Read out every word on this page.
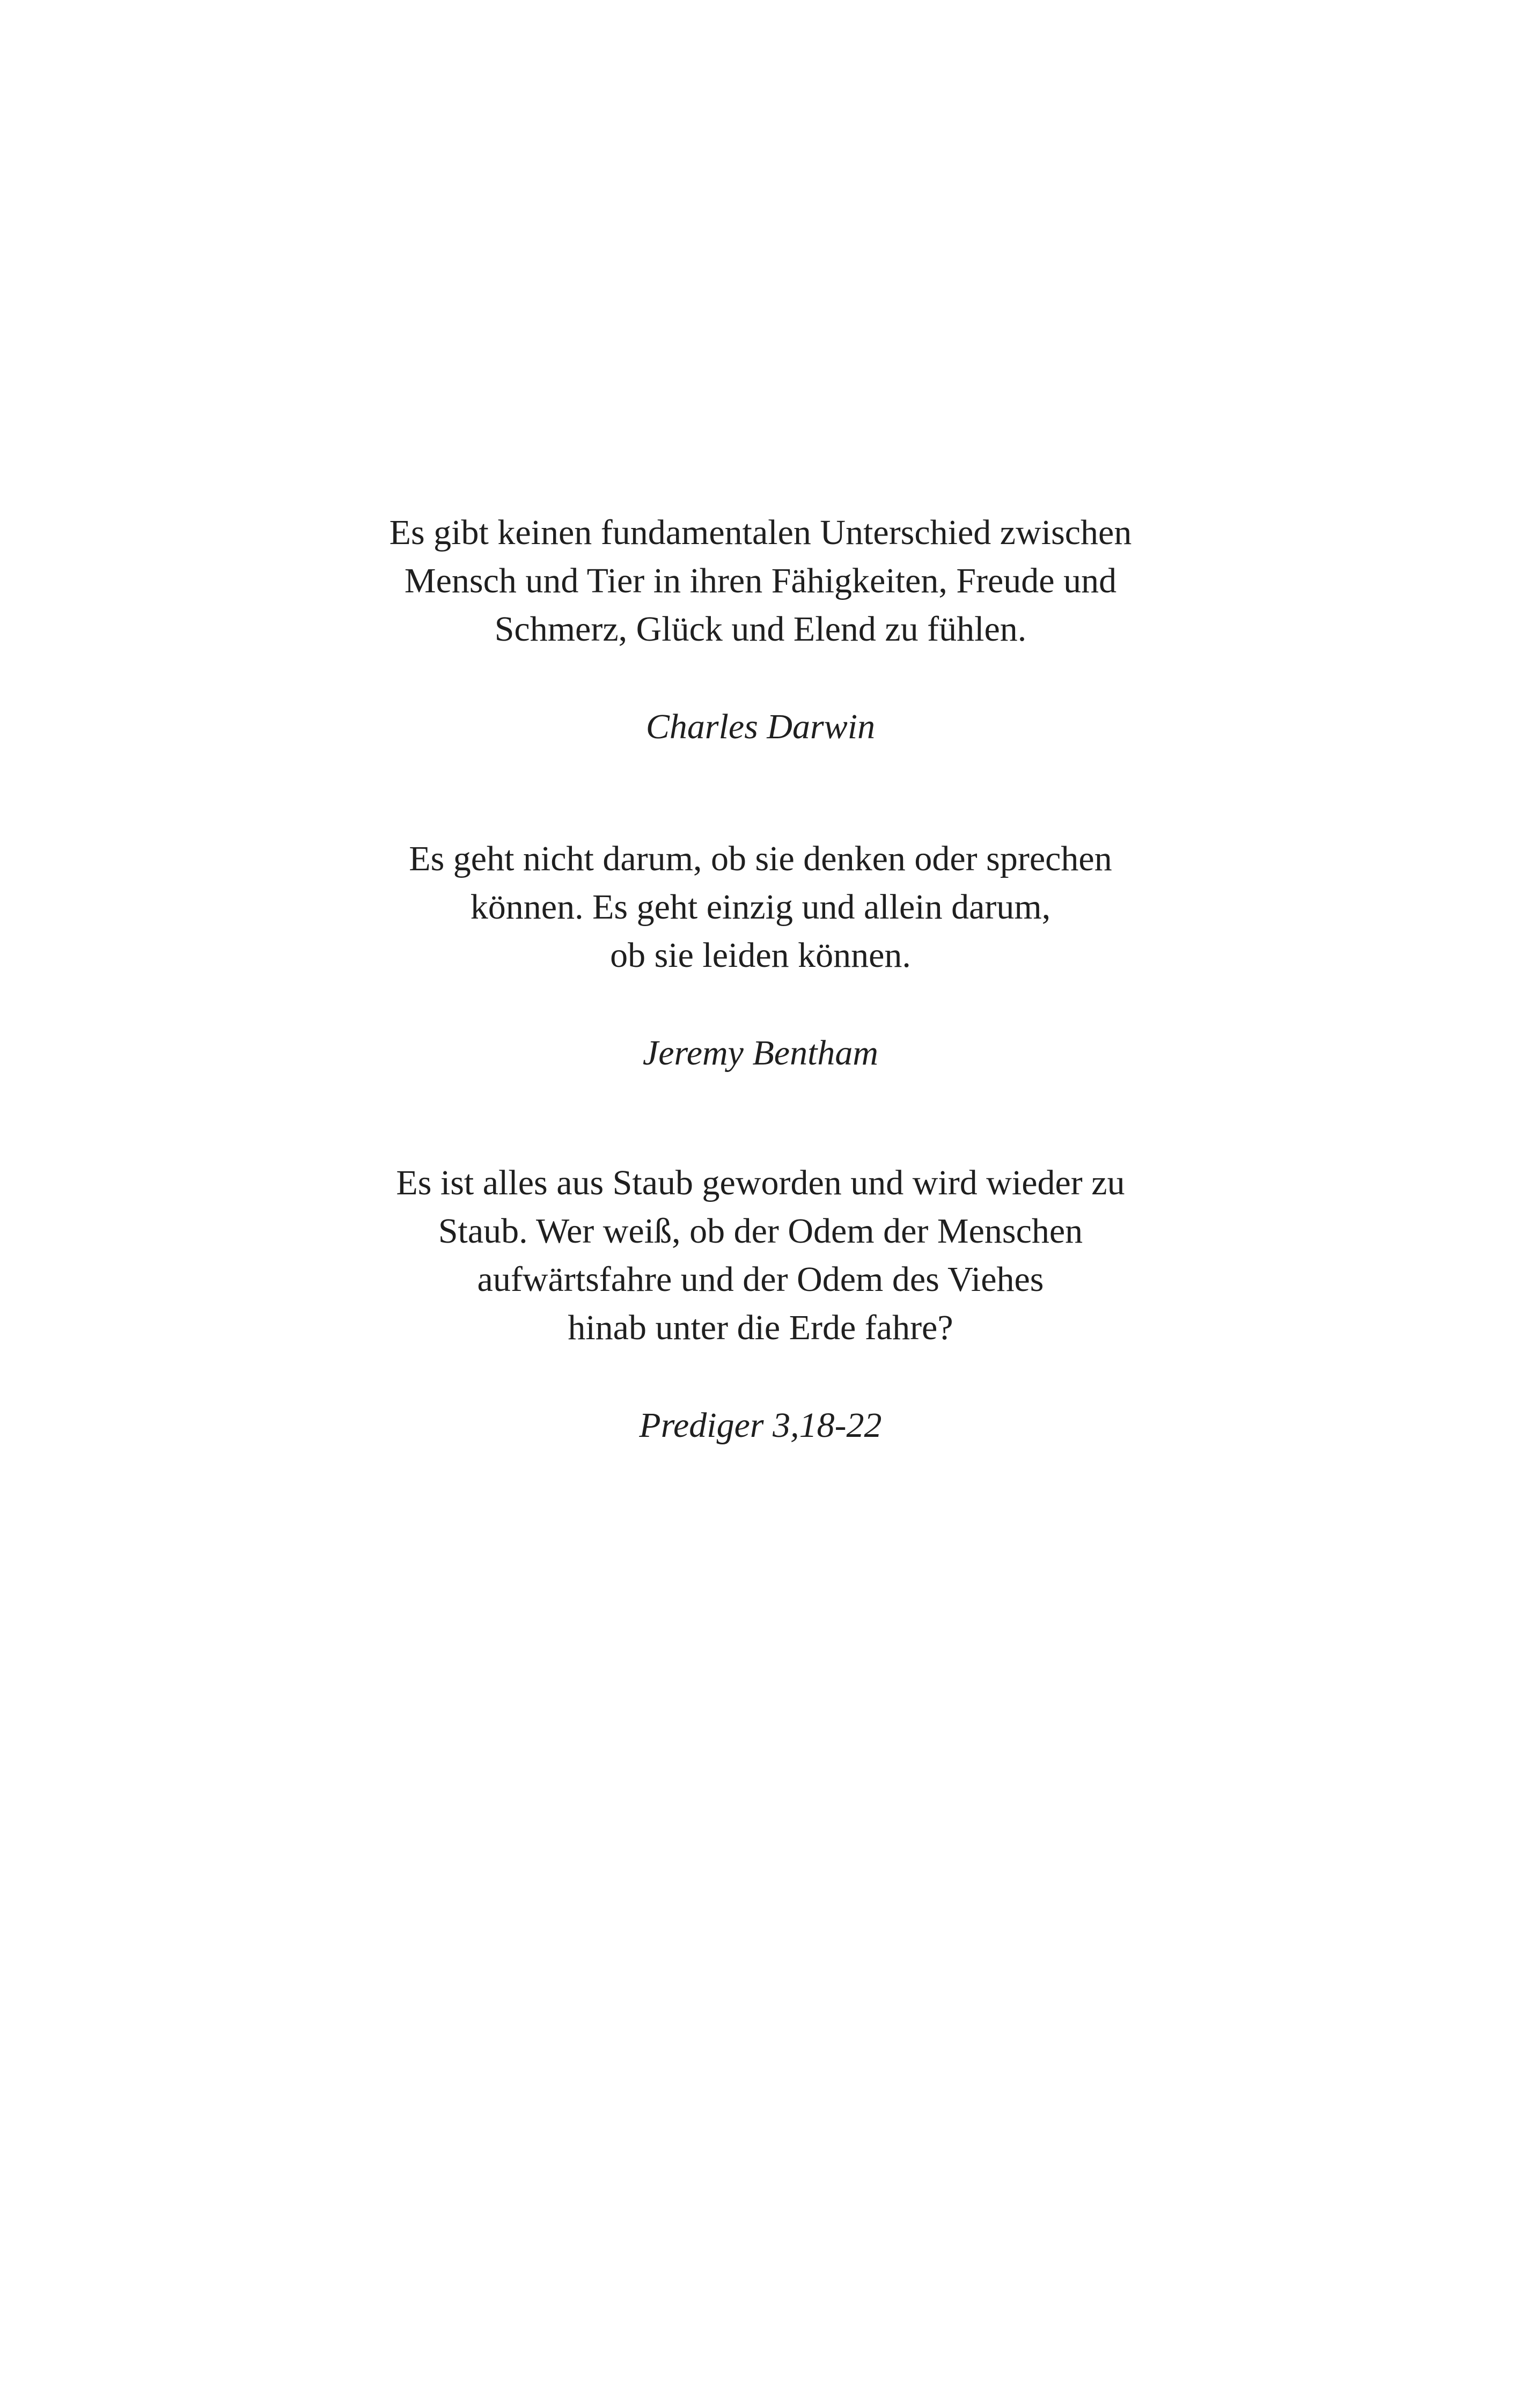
Es gibt keinen fundamentalen Unterschied zwischen
Mensch und Tier in ihren Fähigkeiten, Freude und
Schmerz, Glück und Elend zu fühlen.

Charles Darwin

Es geht nicht darum, ob sie denken oder sprechen
können. Es geht einzig und allein darum,
ob sie leiden können.

Jeremy Bentham

Es ist alles aus Staub geworden und wird wieder zu
Staub. Wer weiß, ob der Odem der Menschen
aufwärtsfahre und der Odem des Viehes
hinab unter die Erde fahre?

Prediger 3,18-22
